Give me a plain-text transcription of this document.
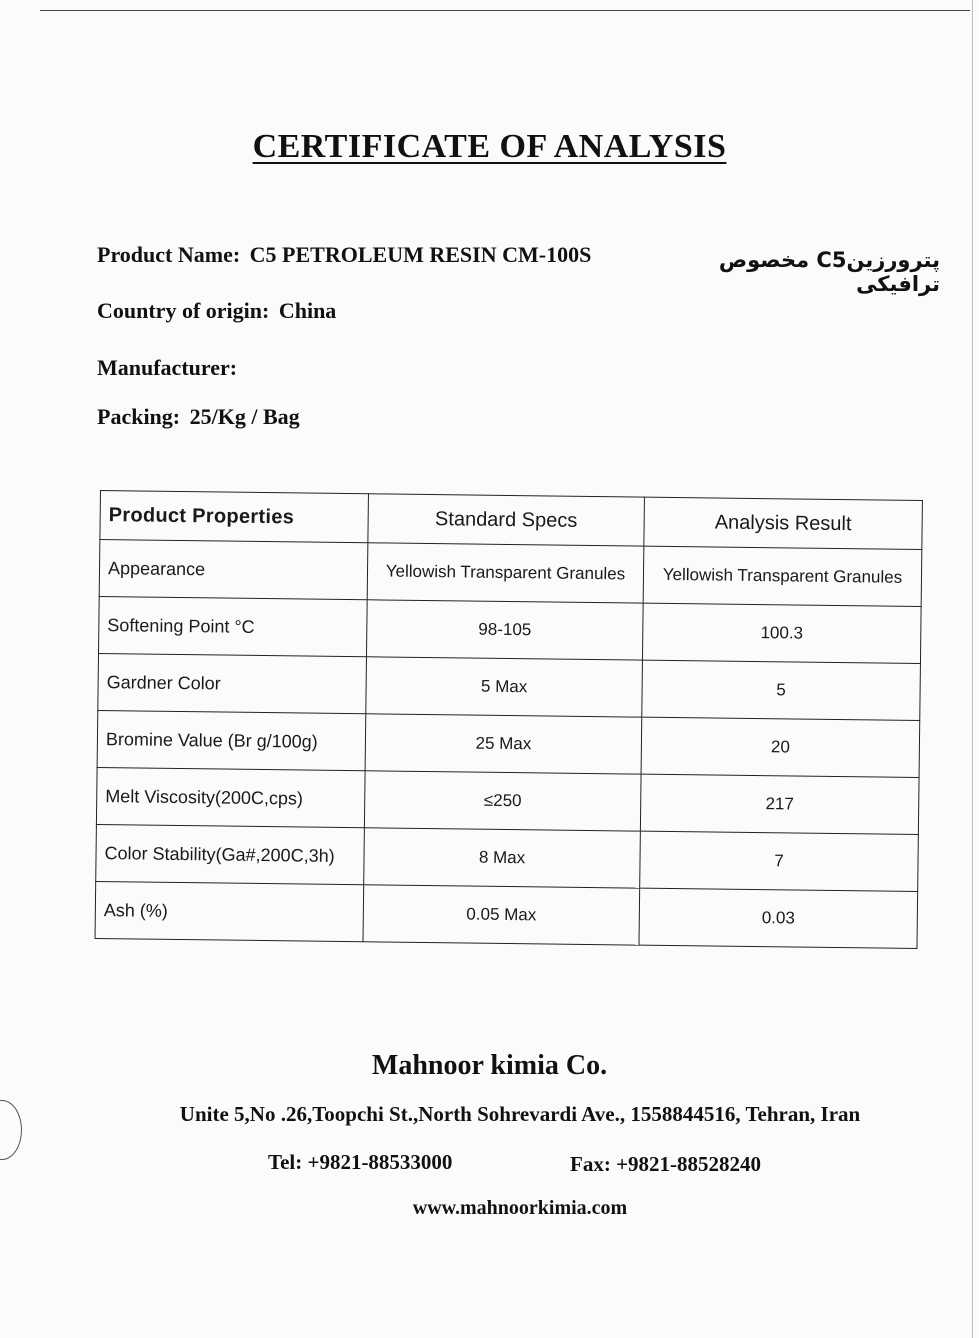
CERTIFICATE OF ANALYSIS
Product Name: C5 PETROLEUM RESIN CM-100S	پترورزینC5 مخصوص ترافیکی
Country of origin: China
Manufacturer:
Packing: 25/Kg / Bag
Product Properties	Standard Specs	Analysis Result
Appearance	Yellowish Transparent Granules	Yellowish Transparent Granules
Softening Point °C	98-105	100.3
Gardner Color	5 Max	5
Bromine Value (Br g/100g)	25 Max	20
Melt Viscosity(200C,cps)	≤250	217
Color Stability(Ga#,200C,3h)	8 Max	7
Ash (%)	0.05 Max	0.03
Mahnoor kimia Co.
Unite 5,No .26,Toopchi St.,North Sohrevardi Ave., 1558844516, Tehran, Iran
Tel: +9821-88533000	Fax: +9821-88528240
www.mahnoorkimia.com
